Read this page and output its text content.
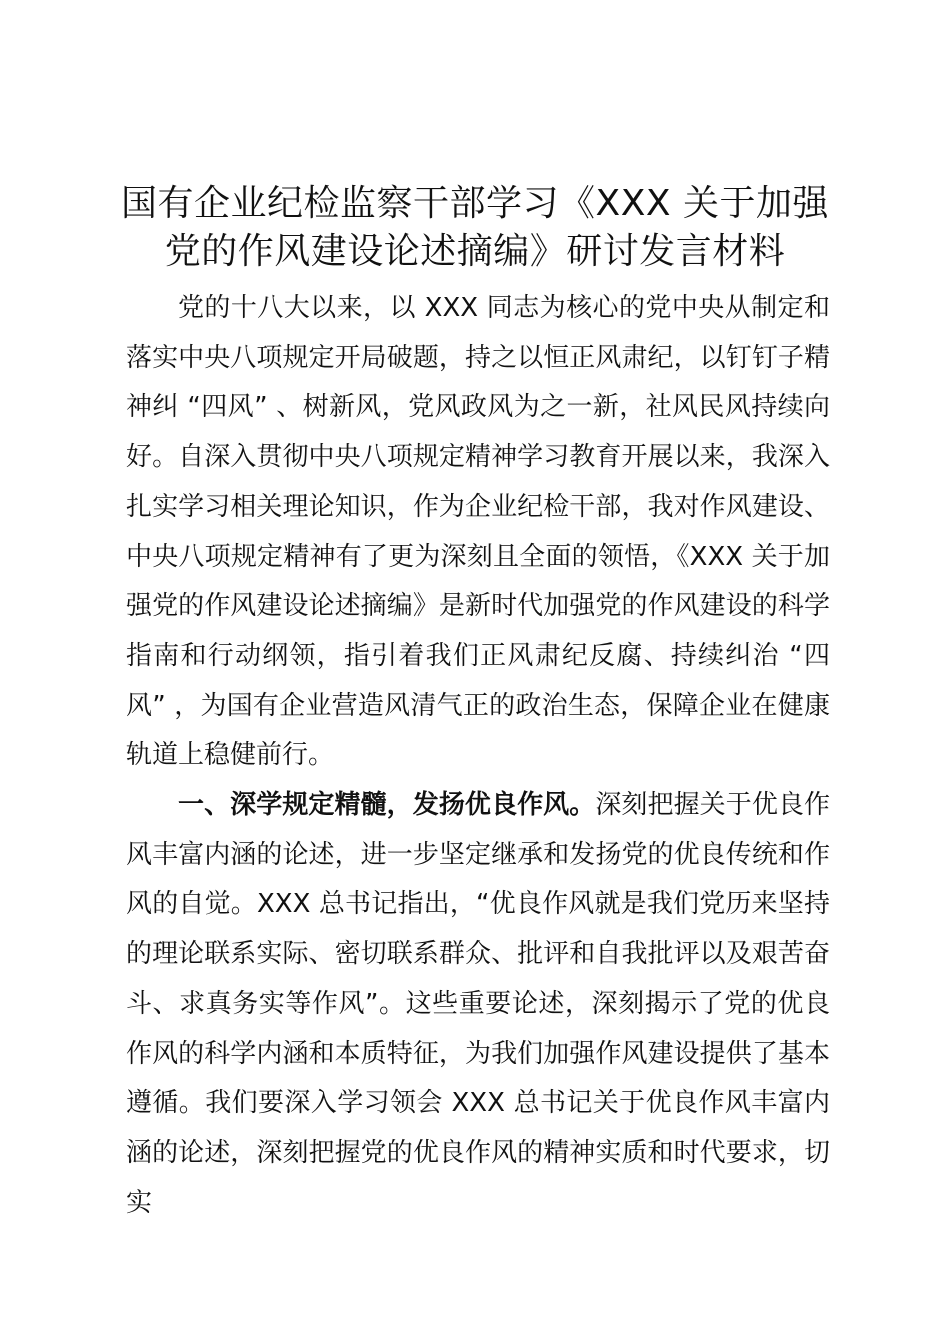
国有企业纪检监察干部学习《XXX 关于加强
党的作风建设论述摘编》研讨发言材料

党的十八大以来，以 XXX 同志为核心的党中央从制定和落实中央八项规定开局破题，持之以恒正风肃纪，以钉钉子精神纠 “四风” 、树新风，党风政风为之一新，社风民风持续向好。自深入贯彻中央八项规定精神学习教育开展以来，我深入扎实学习相关理论知识，作为企业纪检干部，我对作风建设、中央八项规定精神有了更为深刻且全面的领悟，《XXX 关于加强党的作风建设论述摘编》是新时代加强党的作风建设的科学指南和行动纲领，指引着我们正风肃纪反腐、持续纠治 “四风” ，为国有企业营造风清气正的政治生态，保障企业在健康轨道上稳健前行。

一、深学规定精髓，发扬优良作风。深刻把握关于优良作风丰富内涵的论述，进一步坚定继承和发扬党的优良传统和作风的自觉。XXX 总书记指出，“优良作风就是我们党历来坚持的理论联系实际、密切联系群众、批评和自我批评以及艰苦奋斗、求真务实等作风”。这些重要论述，深刻揭示了党的优良作风的科学内涵和本质特征，为我们加强作风建设提供了基本遵循。我们要深入学习领会 XXX 总书记关于优良作风丰富内涵的论述，深刻把握党的优良作风的精神实质和时代要求，切实
